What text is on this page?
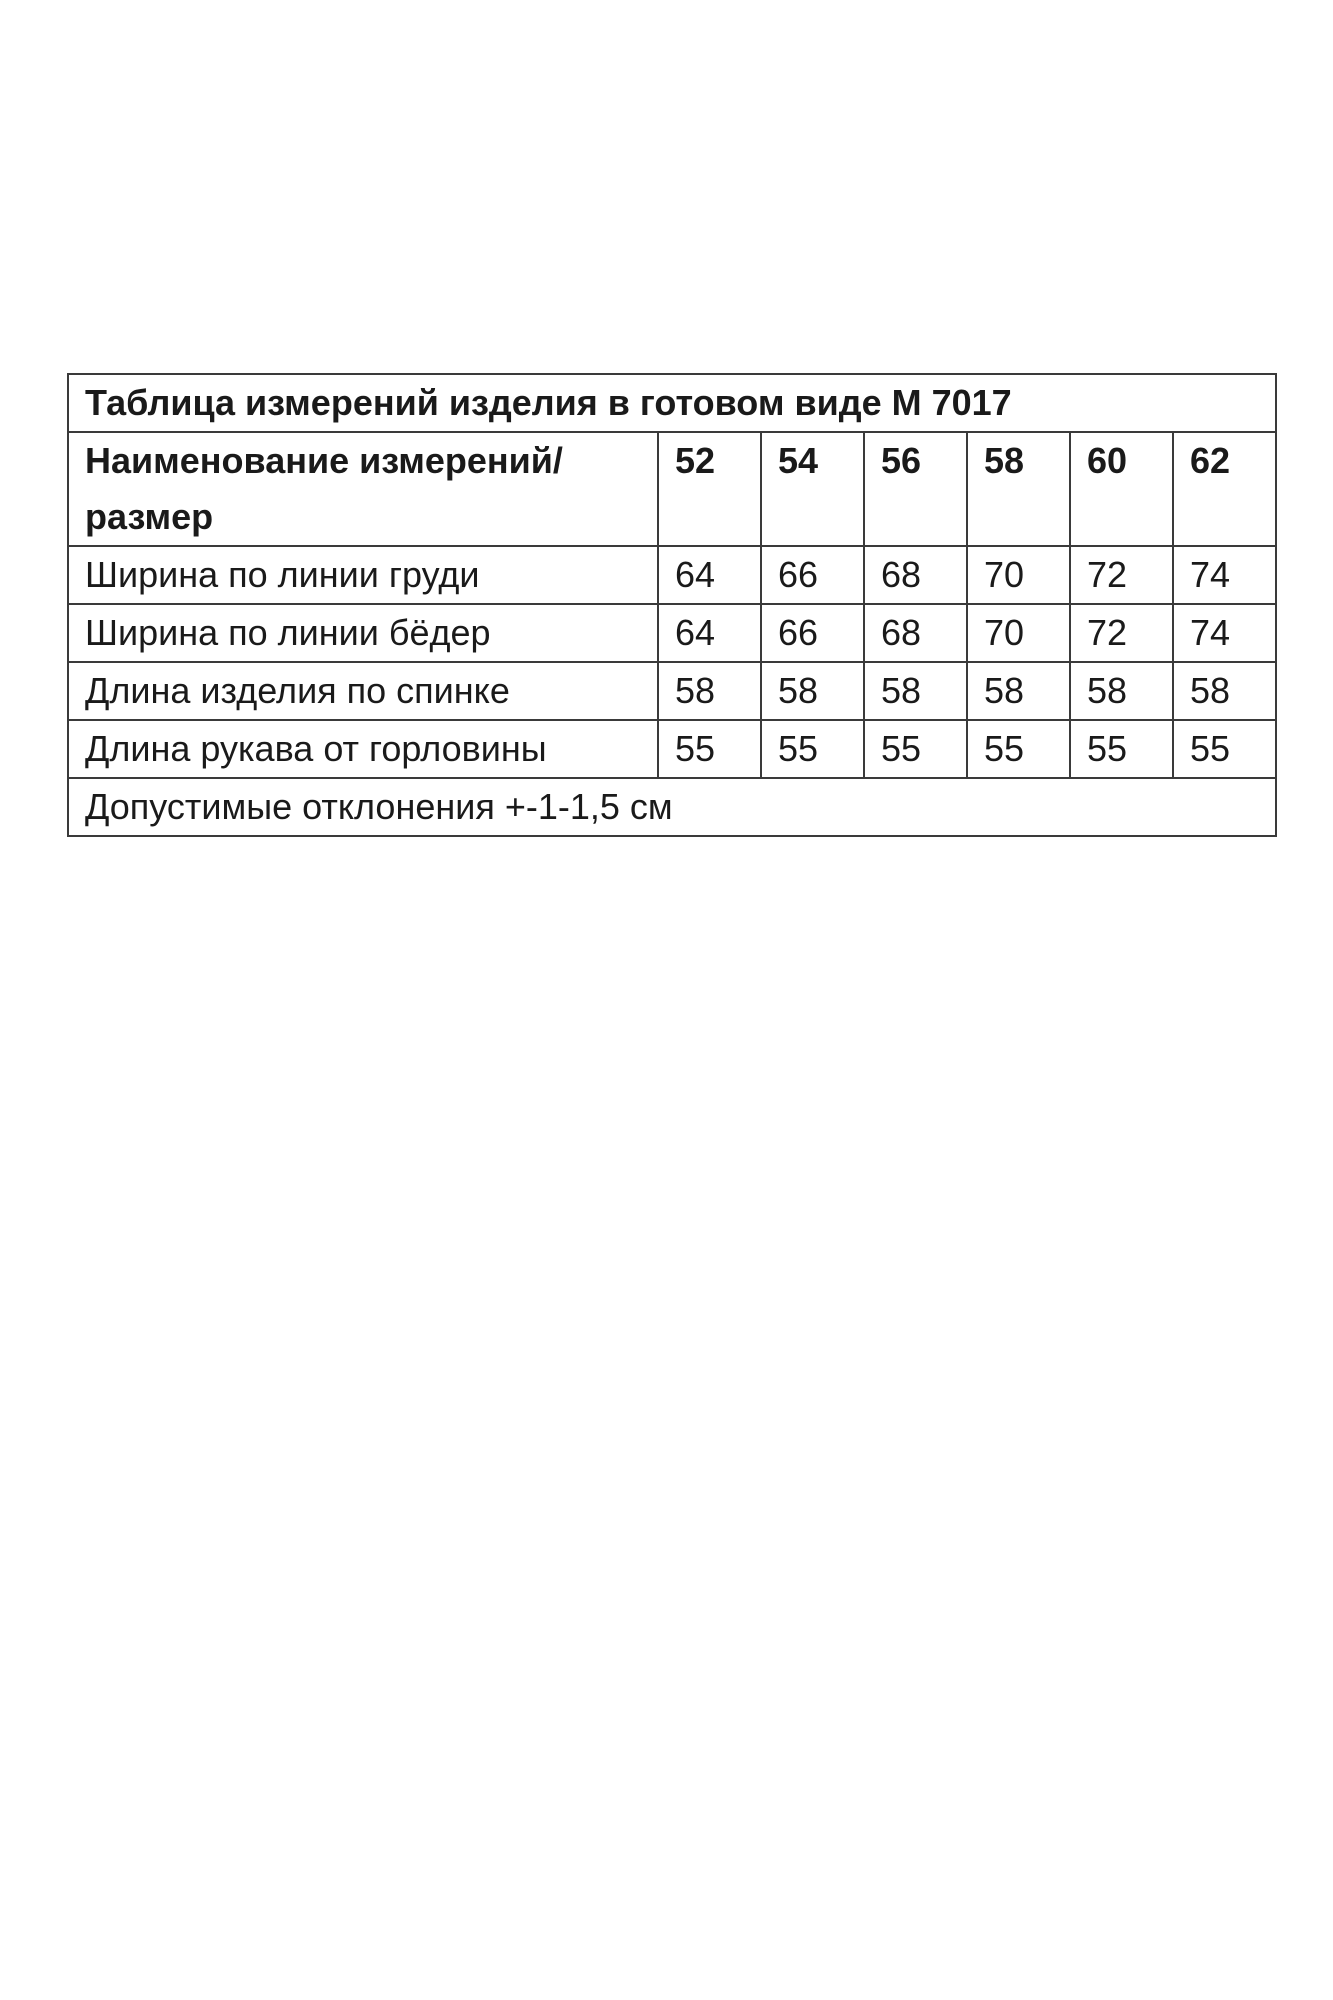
Таблица измерений изделия в готовом виде М 7017						

Наименование измерений/размер	52	54	56	58	60	62
Ширина по линии груди	64	66	68	70	72	74
Ширина по линии бёдер	64	66	68	70	72	74
Длина изделия по спинке	58	58	58	58	58	58
Длина рукава от горловины	55	55	55	55	55	55
Допустимые отклонения +-1-1,5 см						
